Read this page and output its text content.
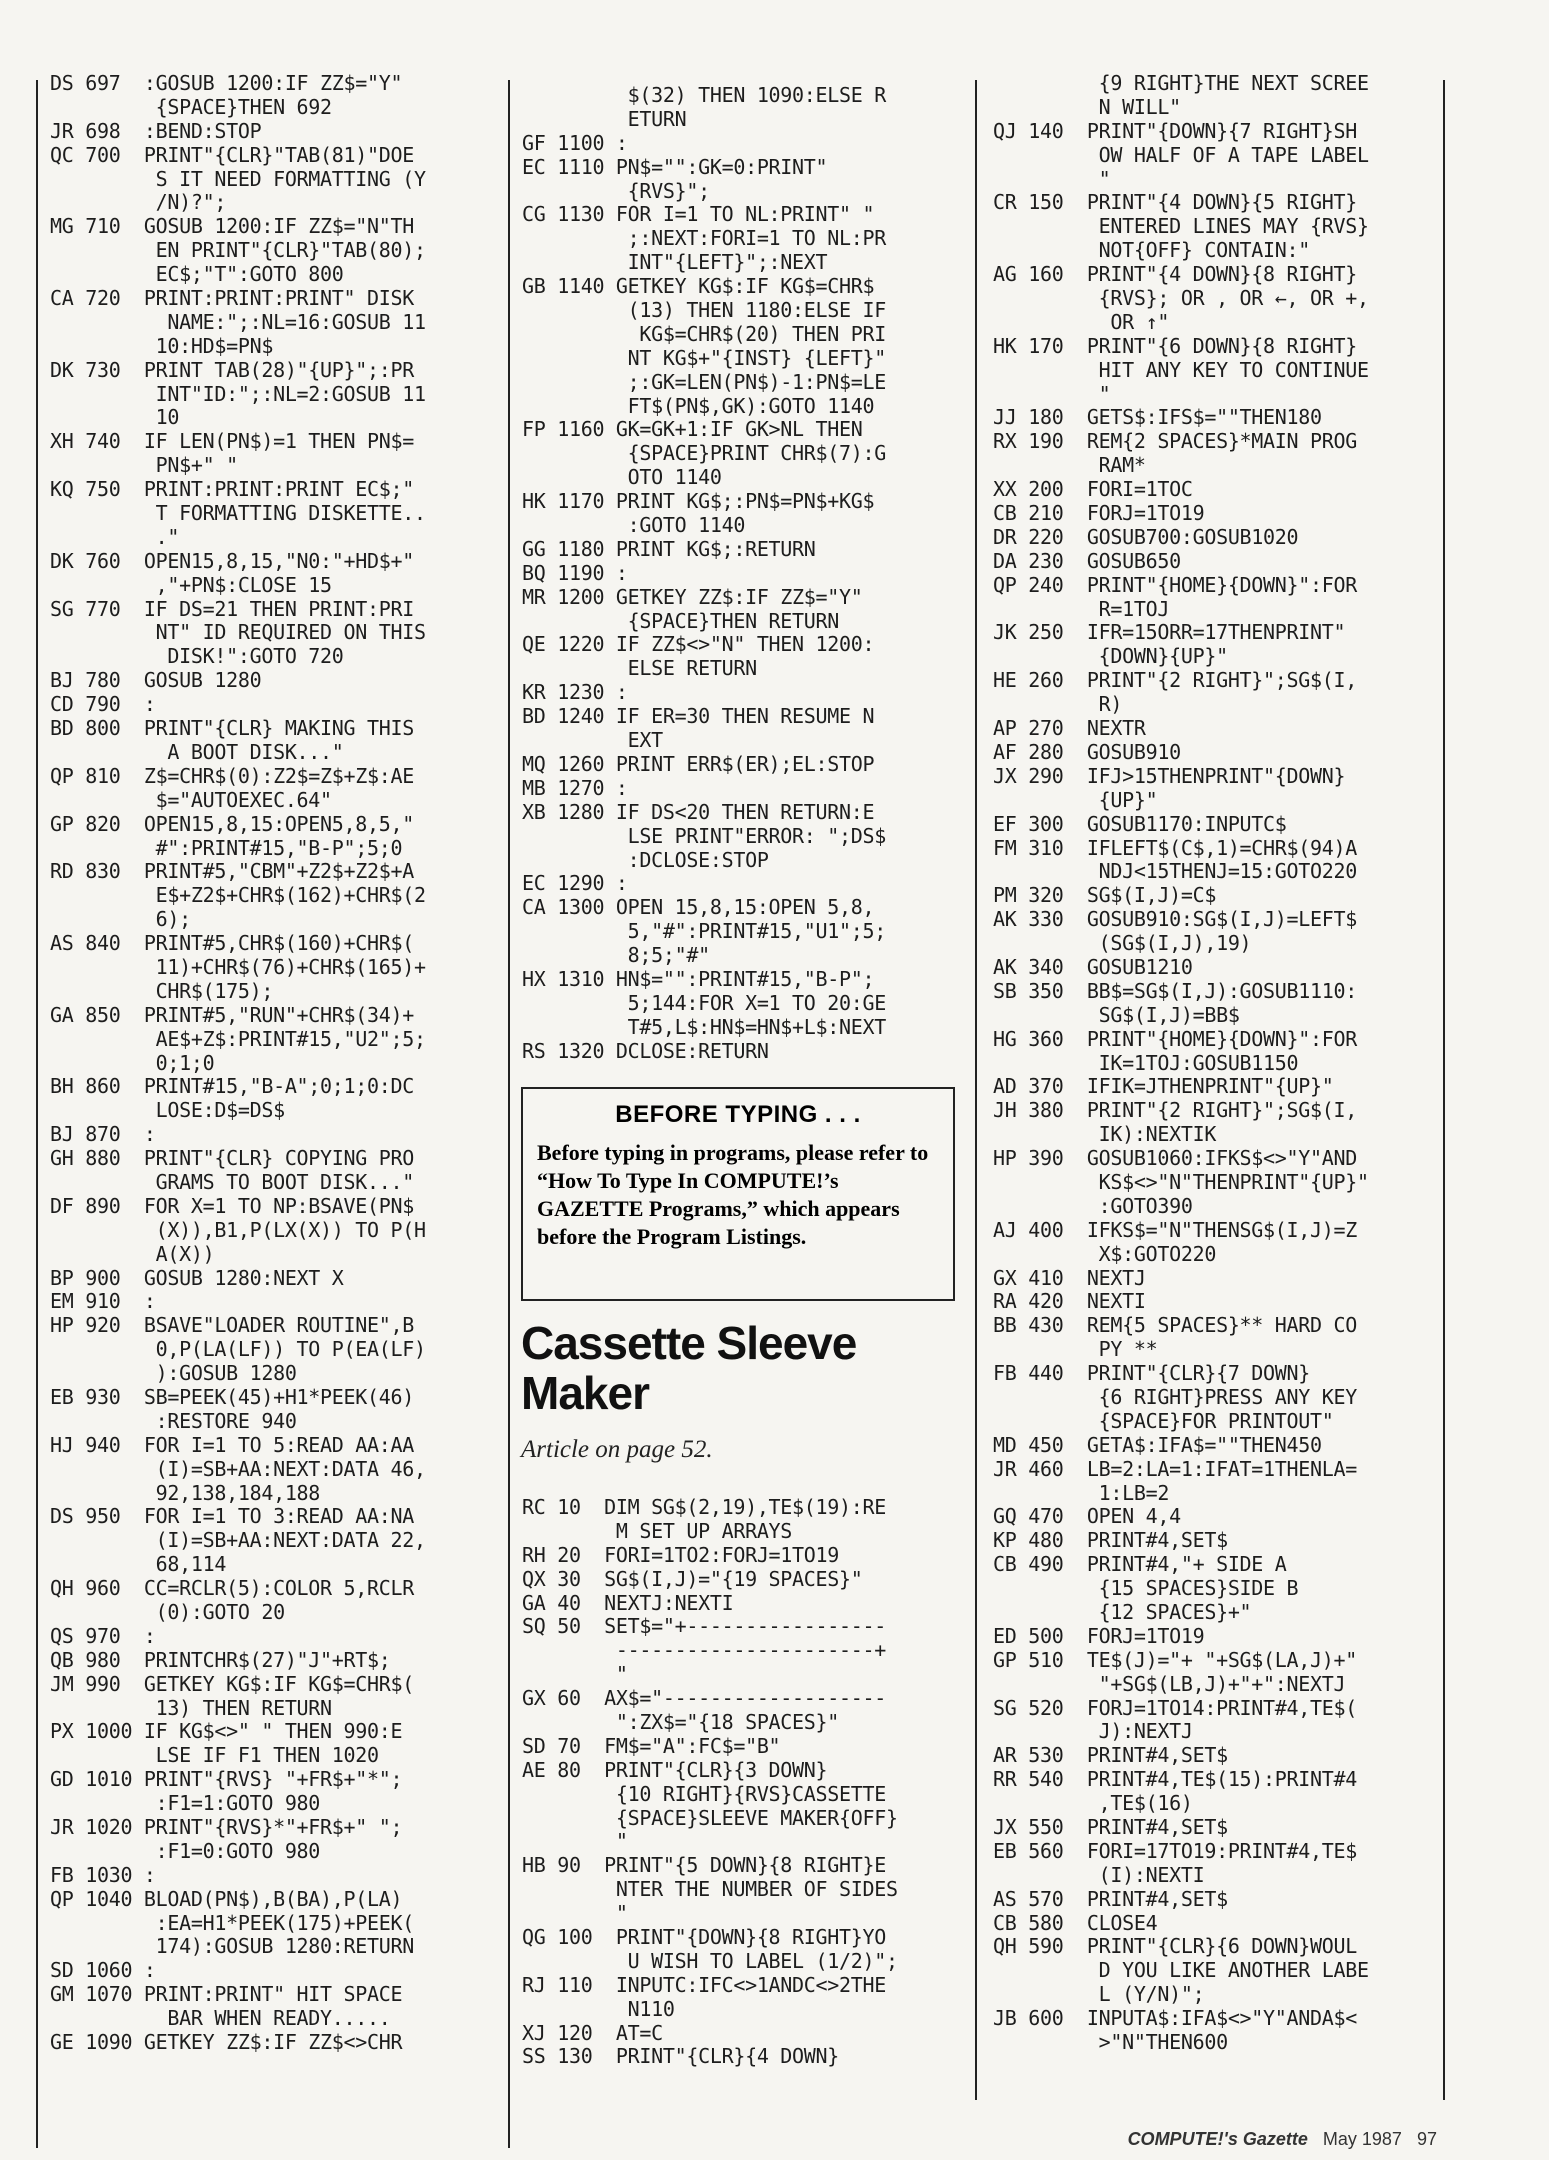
DS 697  :GOSUB 1200:IF ZZ$="Y"
{SPACE}THEN 692
JR 698  :BEND:STOP
QC 700  PRINT"{CLR}"TAB(81)"DOE
S IT NEED FORMATTING (Y
/N)?";
MG 710  GOSUB 1200:IF ZZ$="N"TH
EN PRINT"{CLR}"TAB(80);
EC$;"T":GOTO 800
CA 720  PRINT:PRINT:PRINT" DISK
NAME:";:NL=16:GOSUB 11
10:HD$=PN$
DK 730  PRINT TAB(28)"{UP}";:PR
INT"ID:";:NL=2:GOSUB 11
10
XH 740  IF LEN(PN$)=1 THEN PN$=
PN$+" "
KQ 750  PRINT:PRINT:PRINT EC$;"
T FORMATTING DISKETTE..
."
DK 760  OPEN15,8,15,"N0:"+HD$+"
,"+PN$:CLOSE 15
SG 770  IF DS=21 THEN PRINT:PRI
NT" ID REQUIRED ON THIS
DISK!":GOTO 720
BJ 780  GOSUB 1280
CD 790  :
BD 800  PRINT"{CLR} MAKING THIS
A BOOT DISK..."
QP 810  Z$=CHR$(0):Z2$=Z$+Z$:AE
$="AUTOEXEC.64"
GP 820  OPEN15,8,15:OPEN5,8,5,"
#":PRINT#15,"B-P";5;0
RD 830  PRINT#5,"CBM"+Z2$+Z2$+A
E$+Z2$+CHR$(162)+CHR$(2
6);
AS 840  PRINT#5,CHR$(160)+CHR$(
11)+CHR$(76)+CHR$(165)+
CHR$(175);
GA 850  PRINT#5,"RUN"+CHR$(34)+
AE$+Z$:PRINT#15,"U2";5;
0;1;0
BH 860  PRINT#15,"B-A";0;1;0:DC
LOSE:D$=DS$
BJ 870  :
GH 880  PRINT"{CLR} COPYING PRO
GRAMS TO BOOT DISK..."
DF 890  FOR X=1 TO NP:BSAVE(PN$
(X)),B1,P(LX(X)) TO P(H
A(X))
BP 900  GOSUB 1280:NEXT X
EM 910  :
HP 920  BSAVE"LOADER ROUTINE",B
0,P(LA(LF)) TO P(EA(LF)
):GOSUB 1280
EB 930  SB=PEEK(45)+H1*PEEK(46)
:RESTORE 940
HJ 940  FOR I=1 TO 5:READ AA:AA
(I)=SB+AA:NEXT:DATA 46,
92,138,184,188
DS 950  FOR I=1 TO 3:READ AA:NA
(I)=SB+AA:NEXT:DATA 22,
68,114
QH 960  CC=RCLR(5):COLOR 5,RCLR
(0):GOTO 20
QS 970  :
QB 980  PRINTCHR$(27)"J"+RT$;
JM 990  GETKEY KG$:IF KG$=CHR$(
13) THEN RETURN
PX 1000 IF KG$<>" " THEN 990:E
LSE IF F1 THEN 1020
GD 1010 PRINT"{RVS} "+FR$+"*";
:F1=1:GOTO 980
JR 1020 PRINT"{RVS}*"+FR$+" ";
:F1=0:GOTO 980
FB 1030 :
QP 1040 BLOAD(PN$),B(BA),P(LA)
:EA=H1*PEEK(175)+PEEK(
174):GOSUB 1280:RETURN
SD 1060 :
GM 1070 PRINT:PRINT" HIT SPACE
BAR WHEN READY.....
GE 1090 GETKEY ZZ$:IF ZZ$<>CHR
$(32) THEN 1090:ELSE R
ETURN
GF 1100 :
EC 1110 PN$="":GK=0:PRINT"
{RVS}";
CG 1130 FOR I=1 TO NL:PRINT" "
;:NEXT:FORI=1 TO NL:PR
INT"{LEFT}";:NEXT
GB 1140 GETKEY KG$:IF KG$=CHR$
(13) THEN 1180:ELSE IF
KG$=CHR$(20) THEN PRI
NT KG$+"{INST} {LEFT}"
;:GK=LEN(PN$)-1:PN$=LE
FT$(PN$,GK):GOTO 1140
FP 1160 GK=GK+1:IF GK>NL THEN
{SPACE}PRINT CHR$(7):G
OTO 1140
HK 1170 PRINT KG$;:PN$=PN$+KG$
:GOTO 1140
GG 1180 PRINT KG$;:RETURN
BQ 1190 :
MR 1200 GETKEY ZZ$:IF ZZ$="Y"
{SPACE}THEN RETURN
QE 1220 IF ZZ$<>"N" THEN 1200:
ELSE RETURN
KR 1230 :
BD 1240 IF ER=30 THEN RESUME N
EXT
MQ 1260 PRINT ERR$(ER);EL:STOP
MB 1270 :
XB 1280 IF DS<20 THEN RETURN:E
LSE PRINT"ERROR: ";DS$
:DCLOSE:STOP
EC 1290 :
CA 1300 OPEN 15,8,15:OPEN 5,8,
5,"#":PRINT#15,"U1";5;
8;5;"#"
HX 1310 HN$="":PRINT#15,"B-P";
5;144:FOR X=1 TO 20:GE
T#5,L$:HN$=HN$+L$:NEXT
RS 1320 DCLOSE:RETURN
BEFORE TYPING . . .
Before typing in programs, please refer to “How To Type In COMPUTE!’s GAZETTE Programs,” which appears before the Program Listings.
Cassette Sleeve Maker
Article on page 52.
RC 10  DIM SG$(2,19),TE$(19):RE
M SET UP ARRAYS
RH 20  FORI=1TO2:FORJ=1TO19
QX 30  SG$(I,J)="{19 SPACES}"
GA 40  NEXTJ:NEXTI
SQ 50  SET$="+-----------------
----------------------+
"
GX 60  AX$="-------------------
":ZX$="{18 SPACES}"
SD 70  FM$="A":FC$="B"
AE 80  PRINT"{CLR}{3 DOWN}
{10 RIGHT}{RVS}CASSETTE
{SPACE}SLEEVE MAKER{OFF}
"
HB 90  PRINT"{5 DOWN}{8 RIGHT}E
NTER THE NUMBER OF SIDES
"
QG 100  PRINT"{DOWN}{8 RIGHT}YO
U WISH TO LABEL (1/2)";
RJ 110  INPUTC:IFC<>1ANDC<>2THE
N110
XJ 120  AT=C
SS 130  PRINT"{CLR}{4 DOWN}
{9 RIGHT}THE NEXT SCREE
N WILL"
QJ 140  PRINT"{DOWN}{7 RIGHT}SH
OW HALF OF A TAPE LABEL
"
CR 150  PRINT"{4 DOWN}{5 RIGHT}
ENTERED LINES MAY {RVS}
NOT{OFF} CONTAIN:"
AG 160  PRINT"{4 DOWN}{8 RIGHT}
{RVS}; OR , OR ←, OR +,
OR ↑"
HK 170  PRINT"{6 DOWN}{8 RIGHT}
HIT ANY KEY TO CONTINUE
"
JJ 180  GETS$:IFS$=""THEN180
RX 190  REM{2 SPACES}*MAIN PROG
RAM*
XX 200  FORI=1TOC
CB 210  FORJ=1TO19
DR 220  GOSUB700:GOSUB1020
DA 230  GOSUB650
QP 240  PRINT"{HOME}{DOWN}":FOR
R=1TOJ
JK 250  IFR=15ORR=17THENPRINT"
{DOWN}{UP}"
HE 260  PRINT"{2 RIGHT}";SG$(I,
R)
AP 270  NEXTR
AF 280  GOSUB910
JX 290  IFJ>15THENPRINT"{DOWN}
{UP}"
EF 300  GOSUB1170:INPUTC$
FM 310  IFLEFT$(C$,1)=CHR$(94)A
NDJ<15THENJ=15:GOTO220
PM 320  SG$(I,J)=C$
AK 330  GOSUB910:SG$(I,J)=LEFT$
(SG$(I,J),19)
AK 340  GOSUB1210
SB 350  BB$=SG$(I,J):GOSUB1110:
SG$(I,J)=BB$
HG 360  PRINT"{HOME}{DOWN}":FOR
IK=1TOJ:GOSUB1150
AD 370  IFIK=JTHENPRINT"{UP}"
JH 380  PRINT"{2 RIGHT}";SG$(I,
IK):NEXTIK
HP 390  GOSUB1060:IFKS$<>"Y"AND
KS$<>"N"THENPRINT"{UP}"
:GOTO390
AJ 400  IFKS$="N"THENSG$(I,J)=Z
X$:GOTO220
GX 410  NEXTJ
RA 420  NEXTI
BB 430  REM{5 SPACES}** HARD CO
PY **
FB 440  PRINT"{CLR}{7 DOWN}
{6 RIGHT}PRESS ANY KEY
{SPACE}FOR PRINTOUT"
MD 450  GETA$:IFA$=""THEN450
JR 460  LB=2:LA=1:IFAT=1THENLA=
1:LB=2
GQ 470  OPEN 4,4
KP 480  PRINT#4,SET$
CB 490  PRINT#4,"+ SIDE A
{15 SPACES}SIDE B
{12 SPACES}+"
ED 500  FORJ=1TO19
GP 510  TE$(J)="+ "+SG$(LA,J)+"
"+SG$(LB,J)+"+":NEXTJ
SG 520  FORJ=1TO14:PRINT#4,TE$(
J):NEXTJ
AR 530  PRINT#4,SET$
RR 540  PRINT#4,TE$(15):PRINT#4
,TE$(16)
JX 550  PRINT#4,SET$
EB 560  FORI=17TO19:PRINT#4,TE$
(I):NEXTI
AS 570  PRINT#4,SET$
CB 580  CLOSE4
QH 590  PRINT"{CLR}{6 DOWN}WOUL
D YOU LIKE ANOTHER LABE
L (Y/N)";
JB 600  INPUTA$:IFA$<>"Y"ANDA$<
>"N"THEN600
COMPUTE!'s Gazette May 1987 97
